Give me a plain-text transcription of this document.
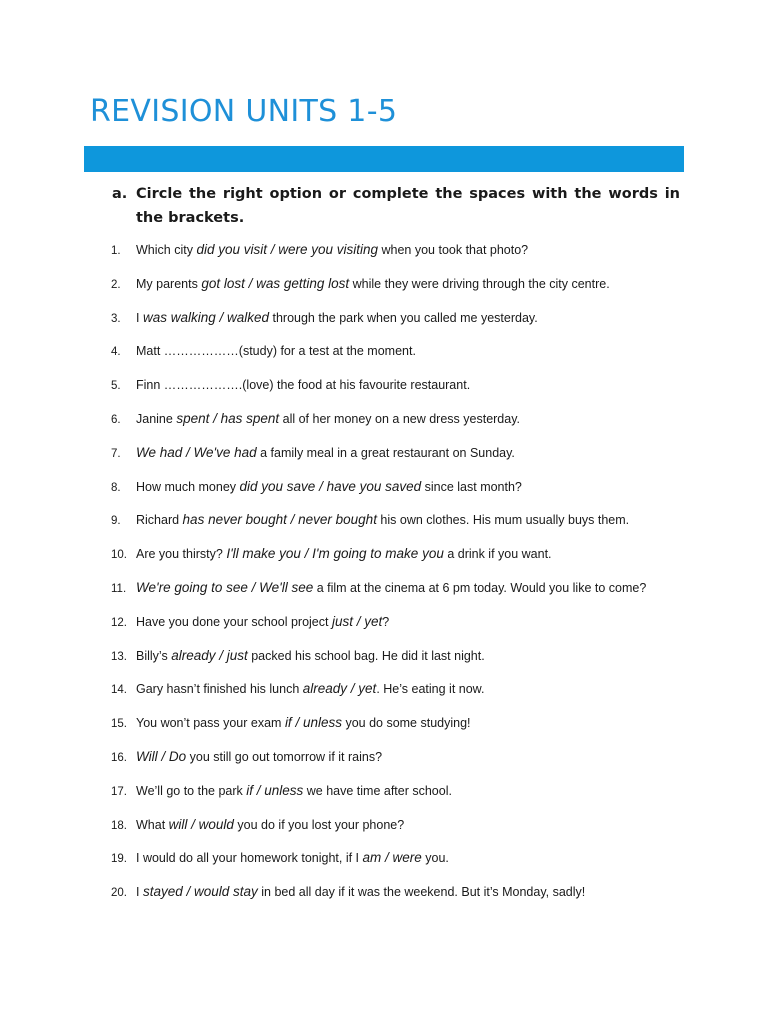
REVISION UNITS 1-5
a. Circle the right option or complete the spaces with the words in the brackets.
1. Which city did you visit / were you visiting when you took that photo?
2. My parents got lost / was getting lost while they were driving through the city centre.
3. I was walking / walked through the park when you called me yesterday.
4. Matt ………………(study) for a test at the moment.
5. Finn ……………….(love) the food at his favourite restaurant.
6. Janine spent / has spent all of her money on a new dress yesterday.
7. We had / We've had a family meal in a great restaurant on Sunday.
8. How much money did you save / have you saved since last month?
9. Richard has never bought / never bought his own clothes. His mum usually buys them.
10. Are you thirsty? I'll make you / I'm going to make you a drink if you want.
11. We're going to see / We'll see a film at the cinema at 6 pm today. Would you like to come?
12. Have you done your school project just / yet?
13. Billy’s already / just packed his school bag. He did it last night.
14. Gary hasn’t finished his lunch already / yet. He’s eating it now.
15. You won’t pass your exam if / unless you do some studying!
16. Will / Do you still go out tomorrow if it rains?
17. We’ll go to the park if / unless we have time after school.
18. What will / would you do if you lost your phone?
19. I would do all your homework tonight, if I am / were you.
20. I stayed / would stay in bed all day if it was the weekend. But it’s Monday, sadly!
